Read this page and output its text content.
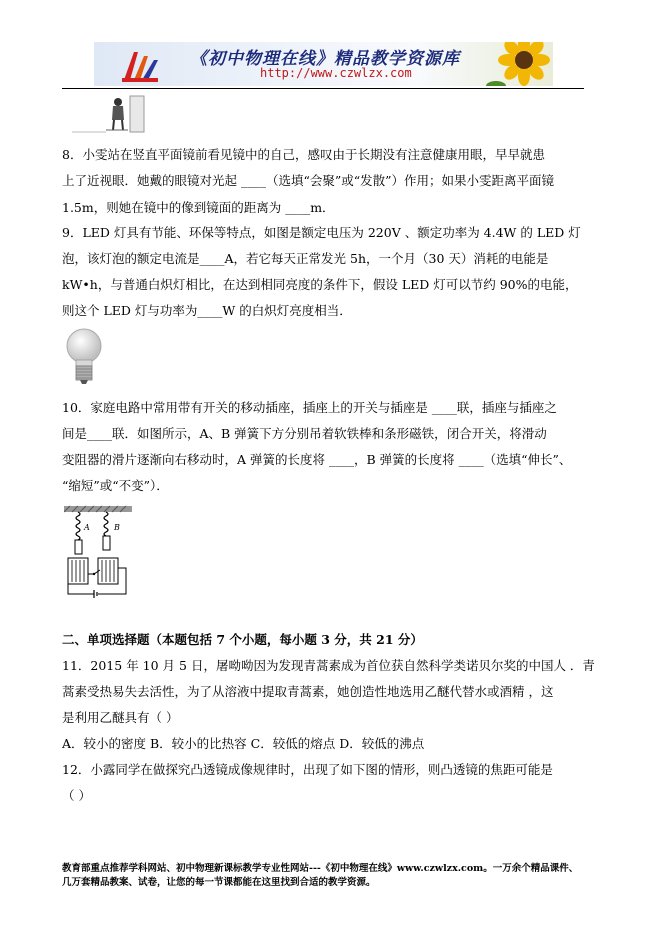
《初中物理在线》精品教学资源库
http://www.czwlzx.com

8．小雯站在竖直平面镜前看见镜中的自己，感叹由于长期没有注意健康用眼，早早就患

上了近视眼．她戴的眼镜对光起 ____（选填“会聚”或“发散”）作用；如果小雯距离平面镜

1.5m，则她在镜中的像到镜面的距离为 ____m．

9．LED 灯具有节能、环保等特点，如图是额定电压为 220V 、额定功率为 4.4W 的 LED 灯

泡，该灯泡的额定电流是____A，若它每天正常发光 5h，一个月（30 天）消耗的电能是

kW•h，与普通白炽灯相比，在达到相同亮度的条件下，假设 LED 灯可以节约 90%的电能，

则这个 LED 灯与功率为____W 的白炽灯亮度相当．

10．家庭电路中常用带有开关的移动插座，插座上的开关与插座是 ____联，插座与插座之

间是____联．如图所示，A、B 弹簧下方分别吊着软铁棒和条形磁铁，闭合开关，将滑动

变阻器的滑片逐渐向右移动时，A 弹簧的长度将 ____，B 弹簧的长度将 ____（选填“伸长”、

“缩短”或“不变”）．

A	B

二、单项选择题（本题包括 7 个小题，每小题 3 分，共 21 分）

11．2015 年 10 月 5 日，屠呦呦因为发现青蒿素成为首位获自然科学类诺贝尔奖的中国人 ．青

蒿素受热易失去活性，为了从溶液中提取青蒿素，她创造性地选用乙醚代替水或酒精 ，这

是利用乙醚具有（ ）

A．较小的密度 B．较小的比热容 C．较低的熔点 D．较低的沸点

12．小露同学在做探究凸透镜成像规律时，出现了如下图的情形，则凸透镜的焦距可能是

（ ）

教育部重点推荐学科网站、初中物理新课标教学专业性网站---《初中物理在线》www.czwlzx.com。一万余个精品课件、
几万套精品教案、试卷，让您的每一节课都能在这里找到合适的教学资源。
